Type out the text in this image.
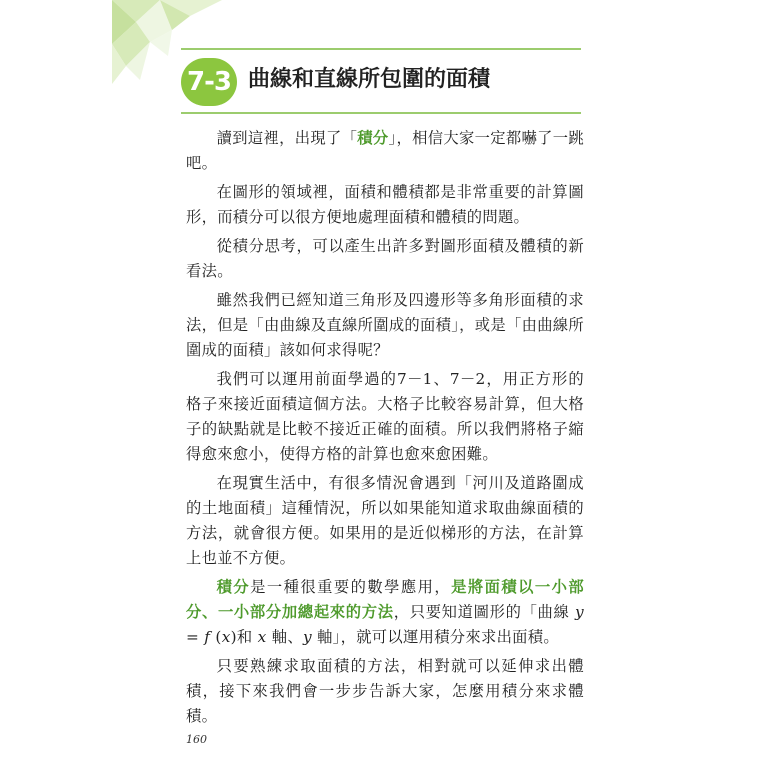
7-3 曲線和直線所包圍的面積

讀到這裡，出現了「積分」，相信大家一定都嚇了一跳吧。

在圖形的領域裡，面積和體積都是非常重要的計算圖形，而積分可以很方便地處理面積和體積的問題。

從積分思考，可以產生出許多對圖形面積及體積的新看法。

雖然我們已經知道三角形及四邊形等多角形面積的求法，但是「由曲線及直線所圍成的面積」，或是「由曲線所圍成的面積」該如何求得呢？

我們可以運用前面學過的7－1、7－2，用正方形的格子來接近面積這個方法。大格子比較容易計算，但大格子的缺點就是比較不接近正確的面積。所以我們將格子縮得愈來愈小，使得方格的計算也愈來愈困難。

在現實生活中，有很多情況會遇到「河川及道路圍成的土地面積」這種情況，所以如果能知道求取曲線面積的方法，就會很方便。如果用的是近似梯形的方法，在計算上也並不方便。

積分是一種很重要的數學應用，是將面積以一小部分、一小部分加總起來的方法，只要知道圖形的「曲線 y = f (x)和 x 軸、y 軸」，就可以運用積分來求出面積。

只要熟練求取面積的方法，相對就可以延伸求出體積，接下來我們會一步步告訴大家，怎麼用積分來求體積。

160
